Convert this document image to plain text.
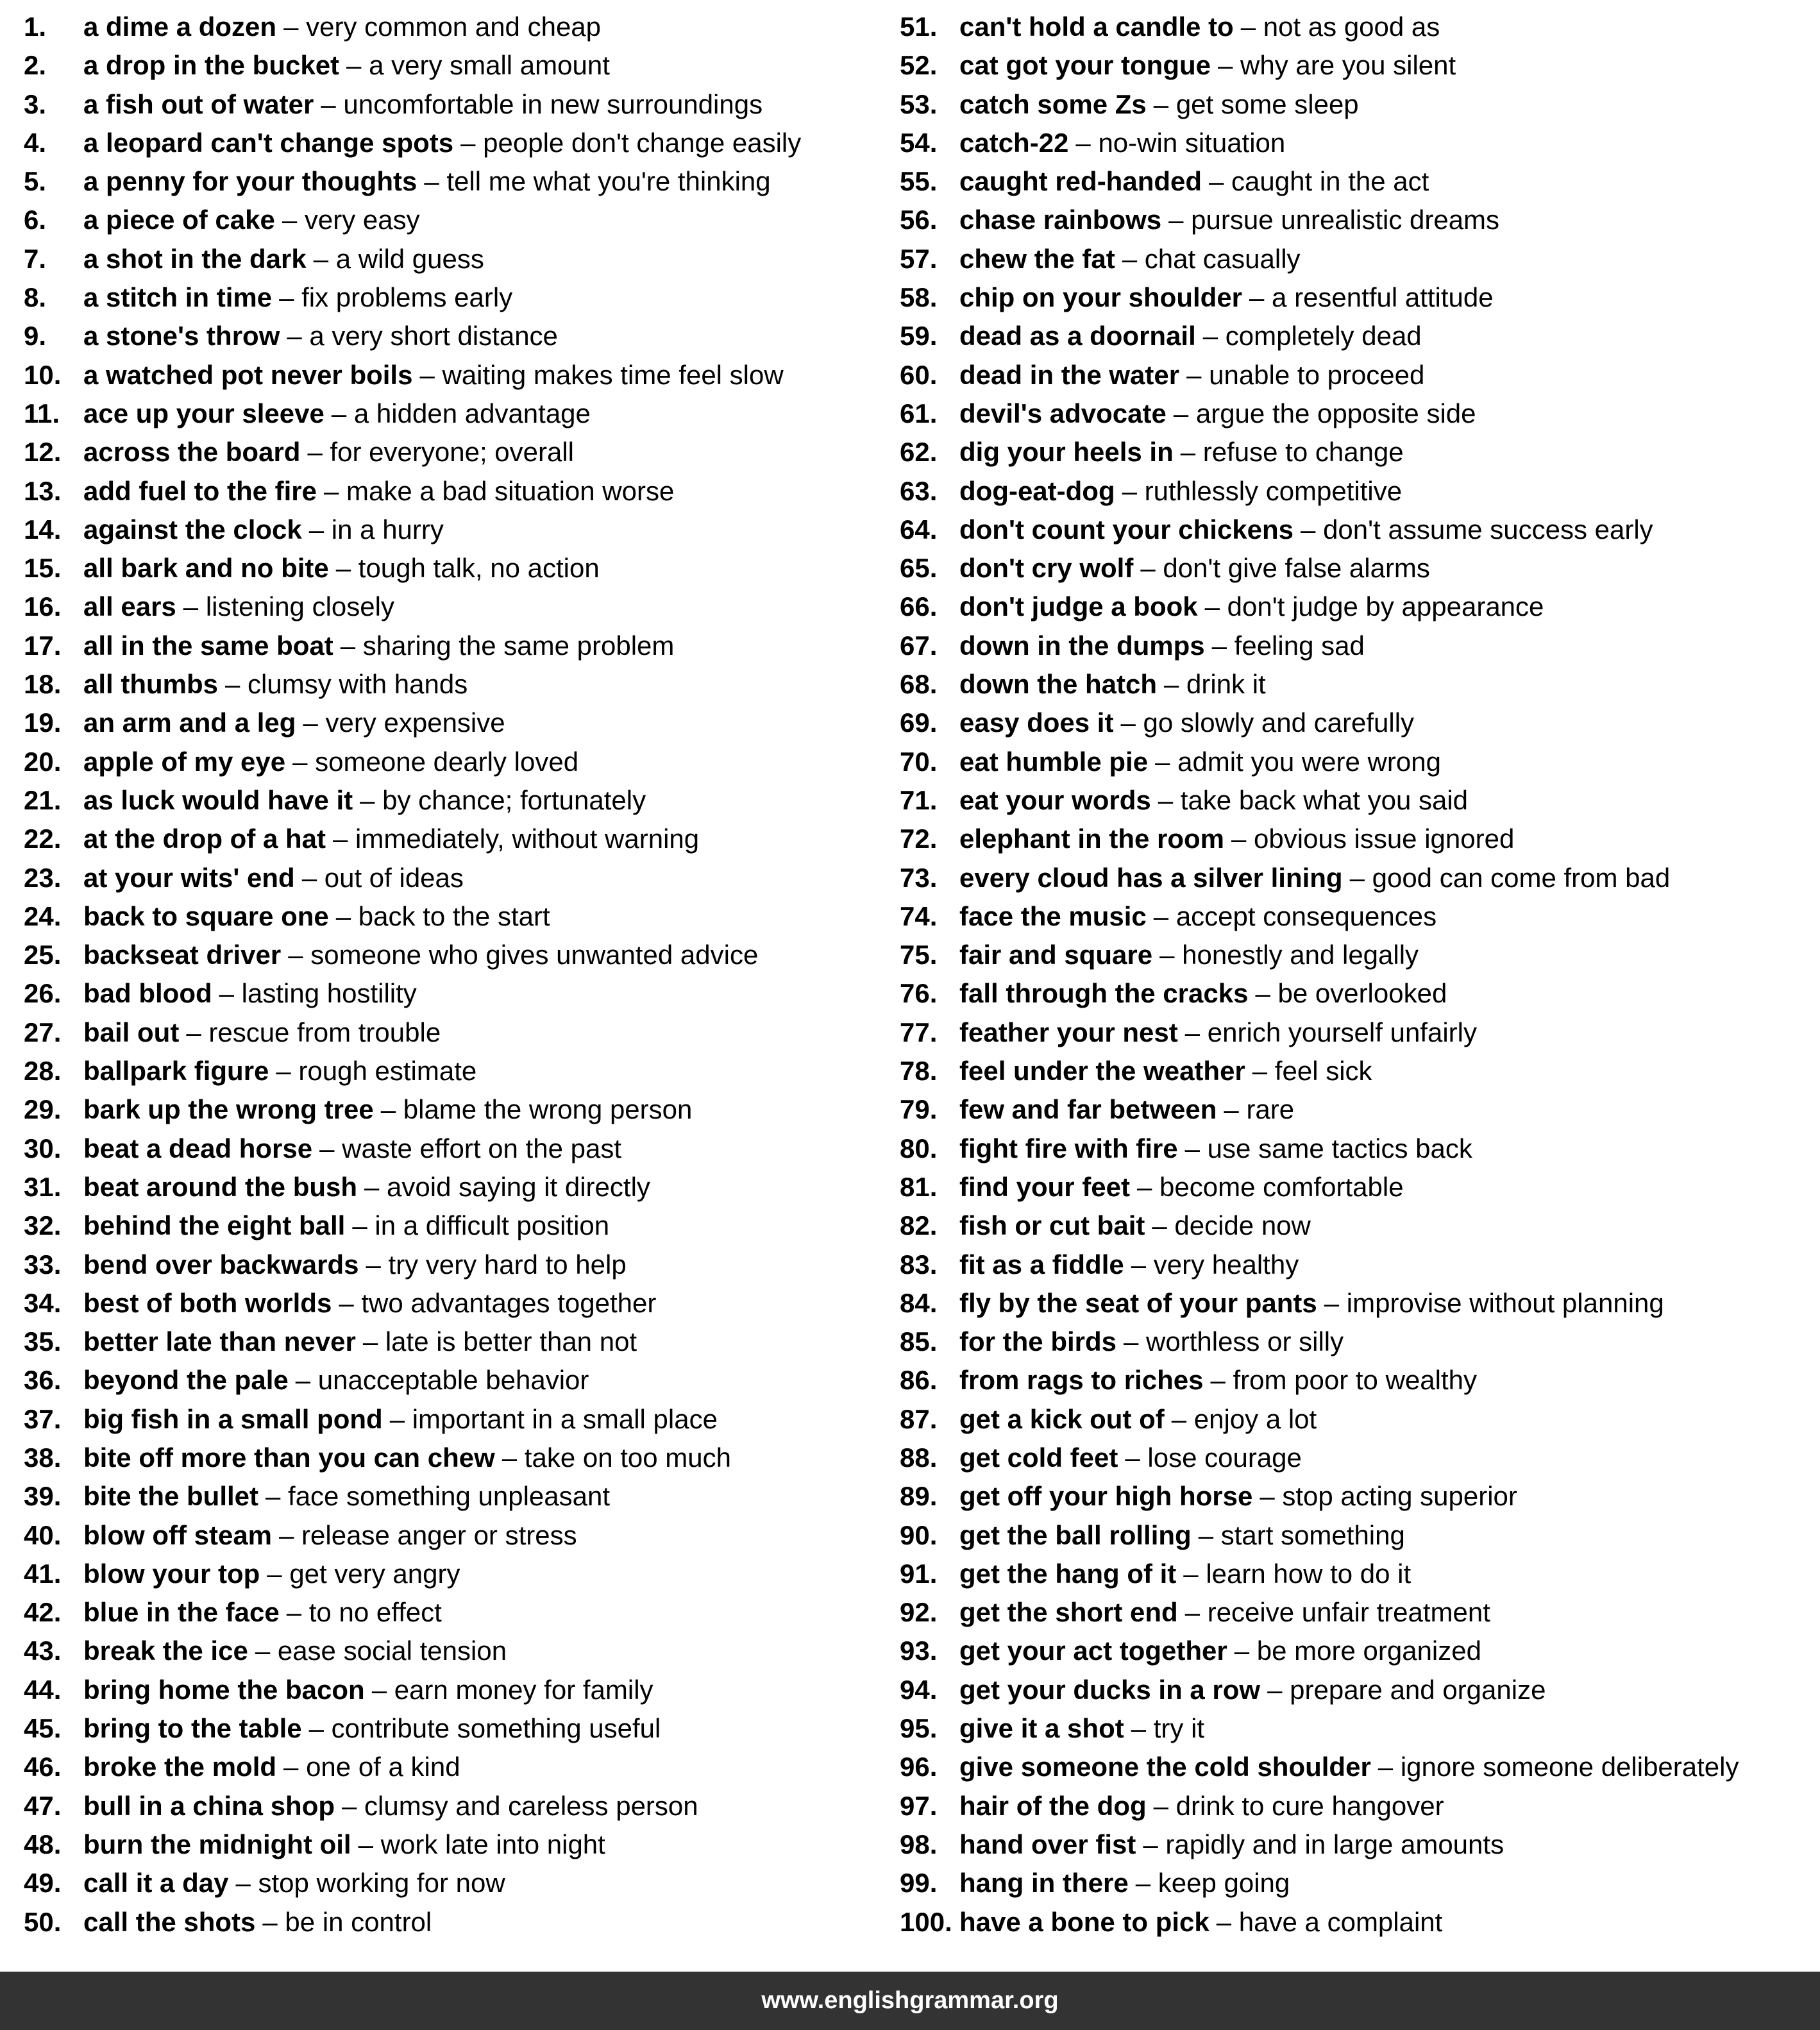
1. a dime a dozen – very common and cheap
2. a drop in the bucket – a very small amount
3. a fish out of water – uncomfortable in new surroundings
4. a leopard can't change spots – people don't change easily
5. a penny for your thoughts – tell me what you're thinking
6. a piece of cake – very easy
7. a shot in the dark – a wild guess
8. a stitch in time – fix problems early
9. a stone's throw – a very short distance
10. a watched pot never boils – waiting makes time feel slow
11. ace up your sleeve – a hidden advantage
12. across the board – for everyone; overall
13. add fuel to the fire – make a bad situation worse
14. against the clock – in a hurry
15. all bark and no bite – tough talk, no action
16. all ears – listening closely
17. all in the same boat – sharing the same problem
18. all thumbs – clumsy with hands
19. an arm and a leg – very expensive
20. apple of my eye – someone dearly loved
21. as luck would have it – by chance; fortunately
22. at the drop of a hat – immediately, without warning
23. at your wits' end – out of ideas
24. back to square one – back to the start
25. backseat driver – someone who gives unwanted advice
26. bad blood – lasting hostility
27. bail out – rescue from trouble
28. ballpark figure – rough estimate
29. bark up the wrong tree – blame the wrong person
30. beat a dead horse – waste effort on the past
31. beat around the bush – avoid saying it directly
32. behind the eight ball – in a difficult position
33. bend over backwards – try very hard to help
34. best of both worlds – two advantages together
35. better late than never – late is better than not
36. beyond the pale – unacceptable behavior
37. big fish in a small pond – important in a small place
38. bite off more than you can chew – take on too much
39. bite the bullet – face something unpleasant
40. blow off steam – release anger or stress
41. blow your top – get very angry
42. blue in the face – to no effect
43. break the ice – ease social tension
44. bring home the bacon – earn money for family
45. bring to the table – contribute something useful
46. broke the mold – one of a kind
47. bull in a china shop – clumsy and careless person
48. burn the midnight oil – work late into night
49. call it a day – stop working for now
50. call the shots – be in control
51. can't hold a candle to – not as good as
52. cat got your tongue – why are you silent
53. catch some Zs – get some sleep
54. catch-22 – no-win situation
55. caught red-handed – caught in the act
56. chase rainbows – pursue unrealistic dreams
57. chew the fat – chat casually
58. chip on your shoulder – a resentful attitude
59. dead as a doornail – completely dead
60. dead in the water – unable to proceed
61. devil's advocate – argue the opposite side
62. dig your heels in – refuse to change
63. dog-eat-dog – ruthlessly competitive
64. don't count your chickens – don't assume success early
65. don't cry wolf – don't give false alarms
66. don't judge a book – don't judge by appearance
67. down in the dumps – feeling sad
68. down the hatch – drink it
69. easy does it – go slowly and carefully
70. eat humble pie – admit you were wrong
71. eat your words – take back what you said
72. elephant in the room – obvious issue ignored
73. every cloud has a silver lining – good can come from bad
74. face the music – accept consequences
75. fair and square – honestly and legally
76. fall through the cracks – be overlooked
77. feather your nest – enrich yourself unfairly
78. feel under the weather – feel sick
79. few and far between – rare
80. fight fire with fire – use same tactics back
81. find your feet – become comfortable
82. fish or cut bait – decide now
83. fit as a fiddle – very healthy
84. fly by the seat of your pants – improvise without planning
85. for the birds – worthless or silly
86. from rags to riches – from poor to wealthy
87. get a kick out of – enjoy a lot
88. get cold feet – lose courage
89. get off your high horse – stop acting superior
90. get the ball rolling – start something
91. get the hang of it – learn how to do it
92. get the short end – receive unfair treatment
93. get your act together – be more organized
94. get your ducks in a row – prepare and organize
95. give it a shot – try it
96. give someone the cold shoulder – ignore someone deliberately
97. hair of the dog – drink to cure hangover
98. hand over fist – rapidly and in large amounts
99. hang in there – keep going
100. have a bone to pick – have a complaint
www.englishgrammar.org
